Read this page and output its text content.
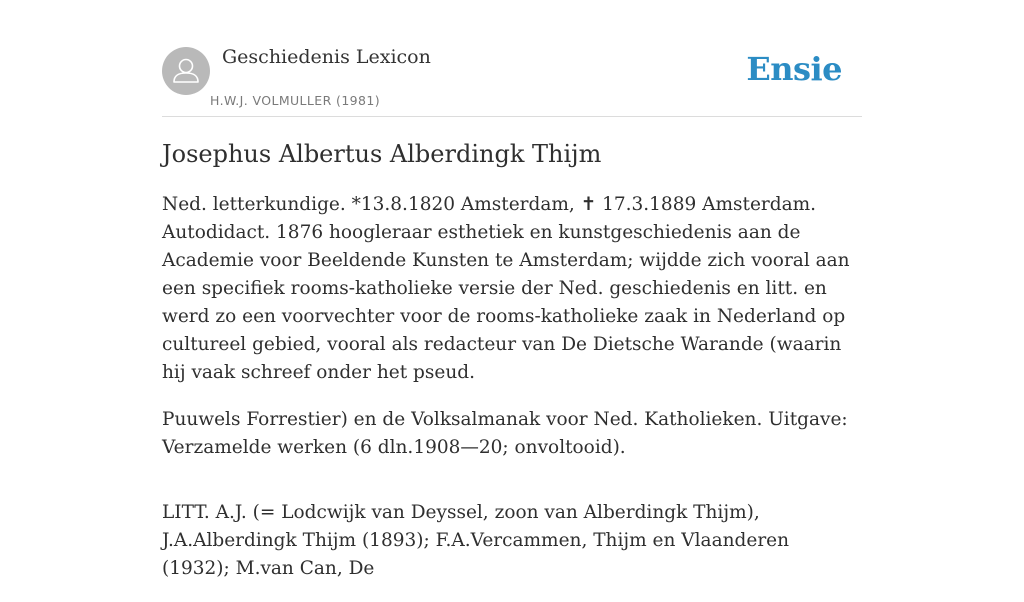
Geschiedenis Lexicon
H.W.J. VOLMULLER (1981)
Ensie
Josephus Albertus Alberdingk Thijm

Ned. letterkundige. *13.8.1820 Amsterdam, ✝ 17.3.1889 Amsterdam. Autodidact. 1876 hoogleraar esthetiek en kunstgeschiedenis aan de Academie voor Beeldende Kunsten te Amsterdam; wijdde zich vooral aan een specifiek rooms-katholieke versie der Ned. geschiedenis en litt. en werd zo een voorvechter voor de rooms-katholieke zaak in Nederland op cultureel gebied, vooral als redacteur van De Dietsche Warande (waarin hij vaak schreef onder het pseud.

Puuwels Forrestier) en de Volksalmanak voor Ned. Katholieken. Uitgave: Verzamelde werken (6 dln.1908—20; onvoltooid).

LITT. A.J. (= Lodcwijk van Deyssel, zoon van Alberdingk Thijm), J.A.Alberdingk Thijm (1893); F.A.Vercammen, Thijm en Vlaanderen (1932); M.van Can, De
